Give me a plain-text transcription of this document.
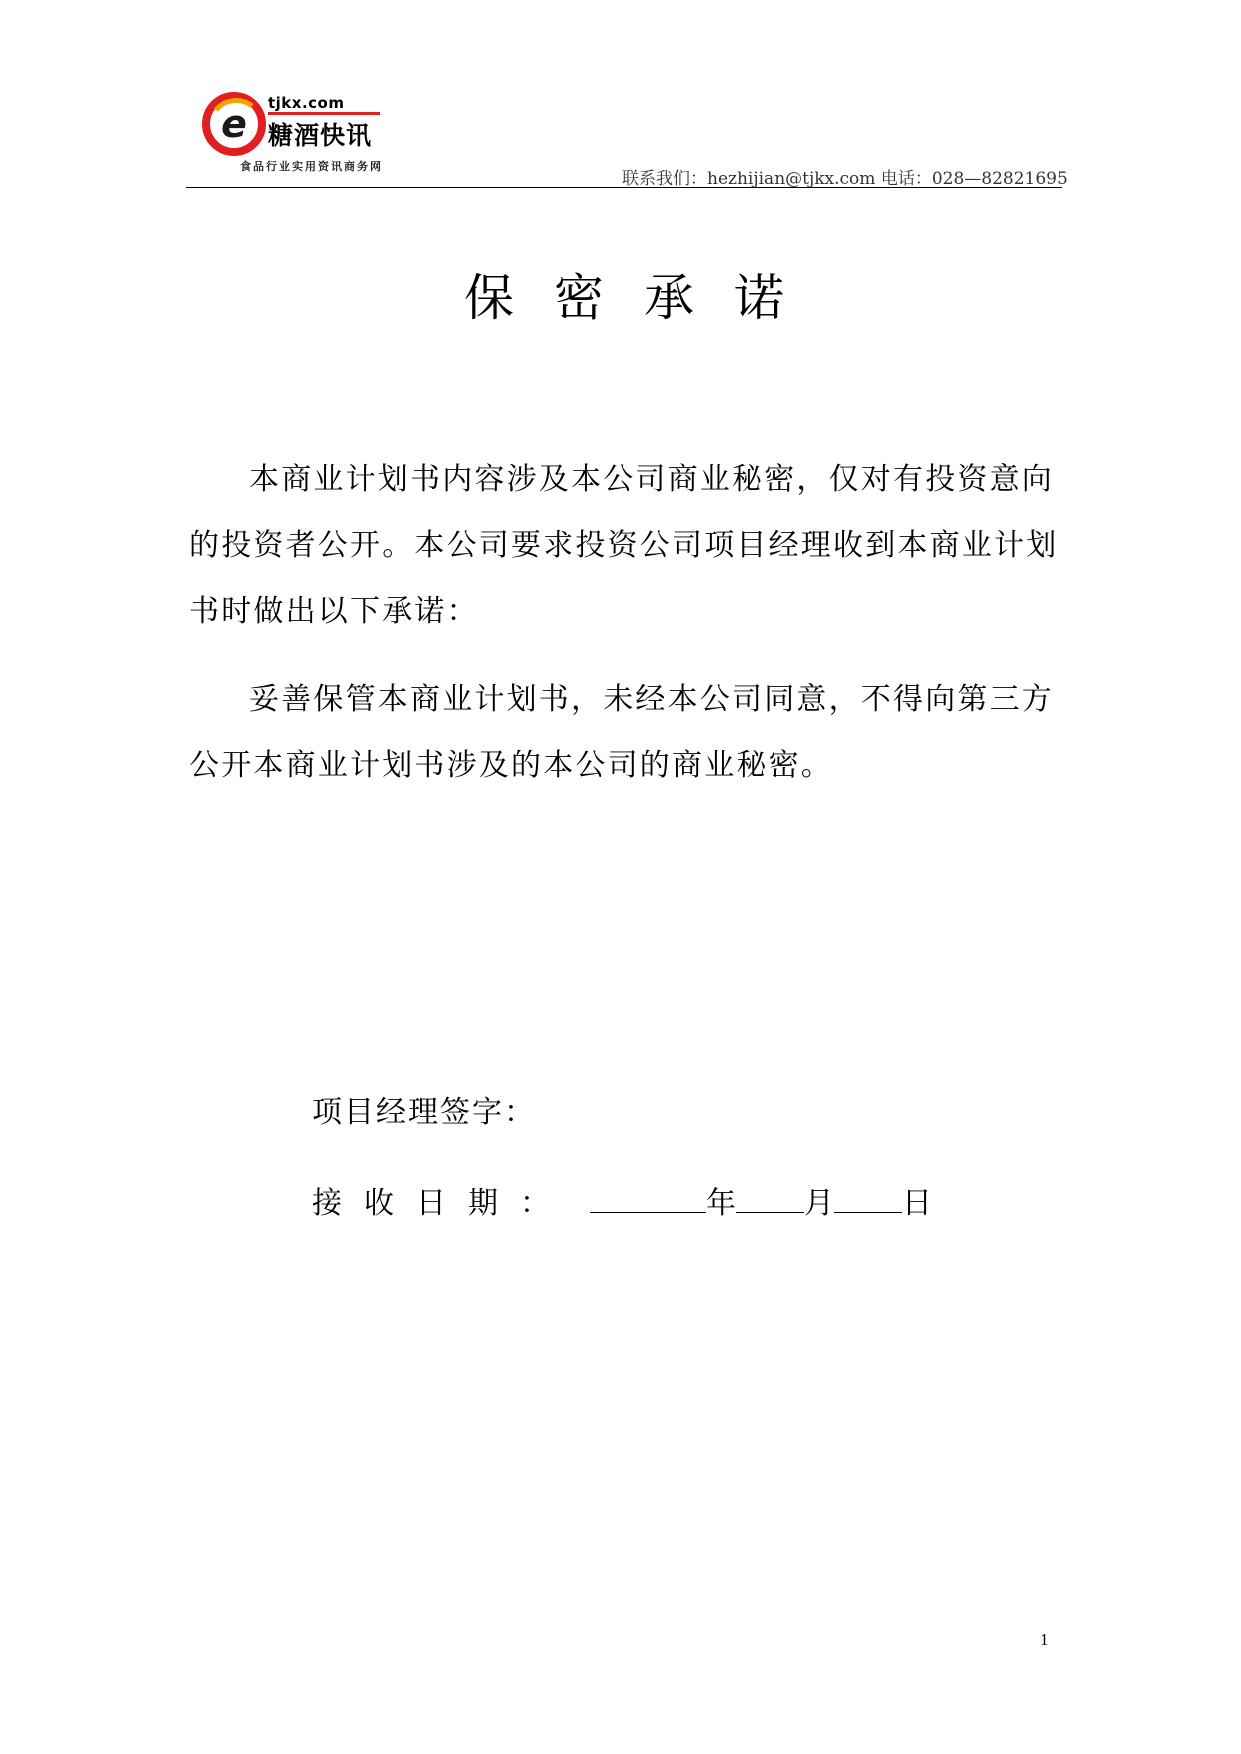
e tjkx.com
糖酒快讯
食品行业实用资讯商务网
联系我们：hezhijian@tjkx.com 电话：028—82821695
保密承诺

本商业计划书内容涉及本公司商业秘密，仅对有投资意向的投资者公开。本公司要求投资公司项目经理收到本商业计划书时做出以下承诺：

妥善保管本商业计划书，未经本公司同意，不得向第三方公开本商业计划书涉及的本公司的商业秘密。

项目经理签字：
接收日期：	年 月 日
1
